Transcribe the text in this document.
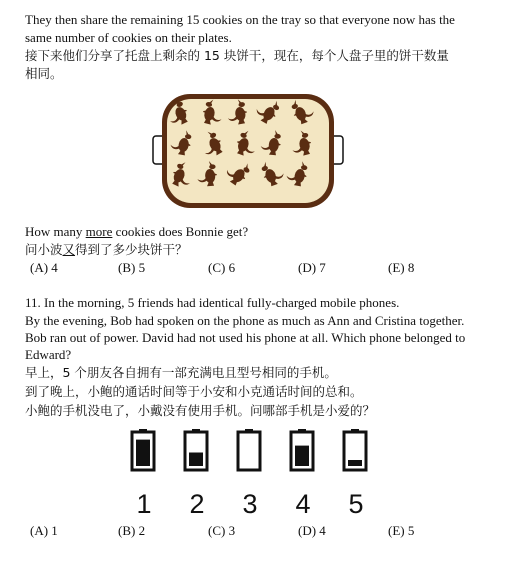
They then share the remaining 15 cookies on the tray so that everyone now has the
same number of cookies on their plates.
接下来他们分享了托盘上剩余的 15 块饼干，现在，每个人盘子里的饼干数量
相同。
How many more cookies does Bonnie get?
问小波又得到了多少块饼干？
(A) 4	(B) 5	(C) 6	(D) 7	(E) 8
11. In the morning, 5 friends had identical fully-charged mobile phones.
By the evening, Bob had spoken on the phone as much as Ann and Cristina together.
Bob ran out of power. David had not used his phone at all. Which phone belonged to
Edward?
早上，5 个朋友各自拥有一部充满电且型号相同的手机。
到了晚上，小鲍的通话时间等于小安和小克通话时间的总和。
小鲍的手机没电了，小戴没有使用手机。问哪部手机是小爱的？
1 2 3 4 5
(A) 1	(B) 2	(C) 3	(D) 4	(E) 5
